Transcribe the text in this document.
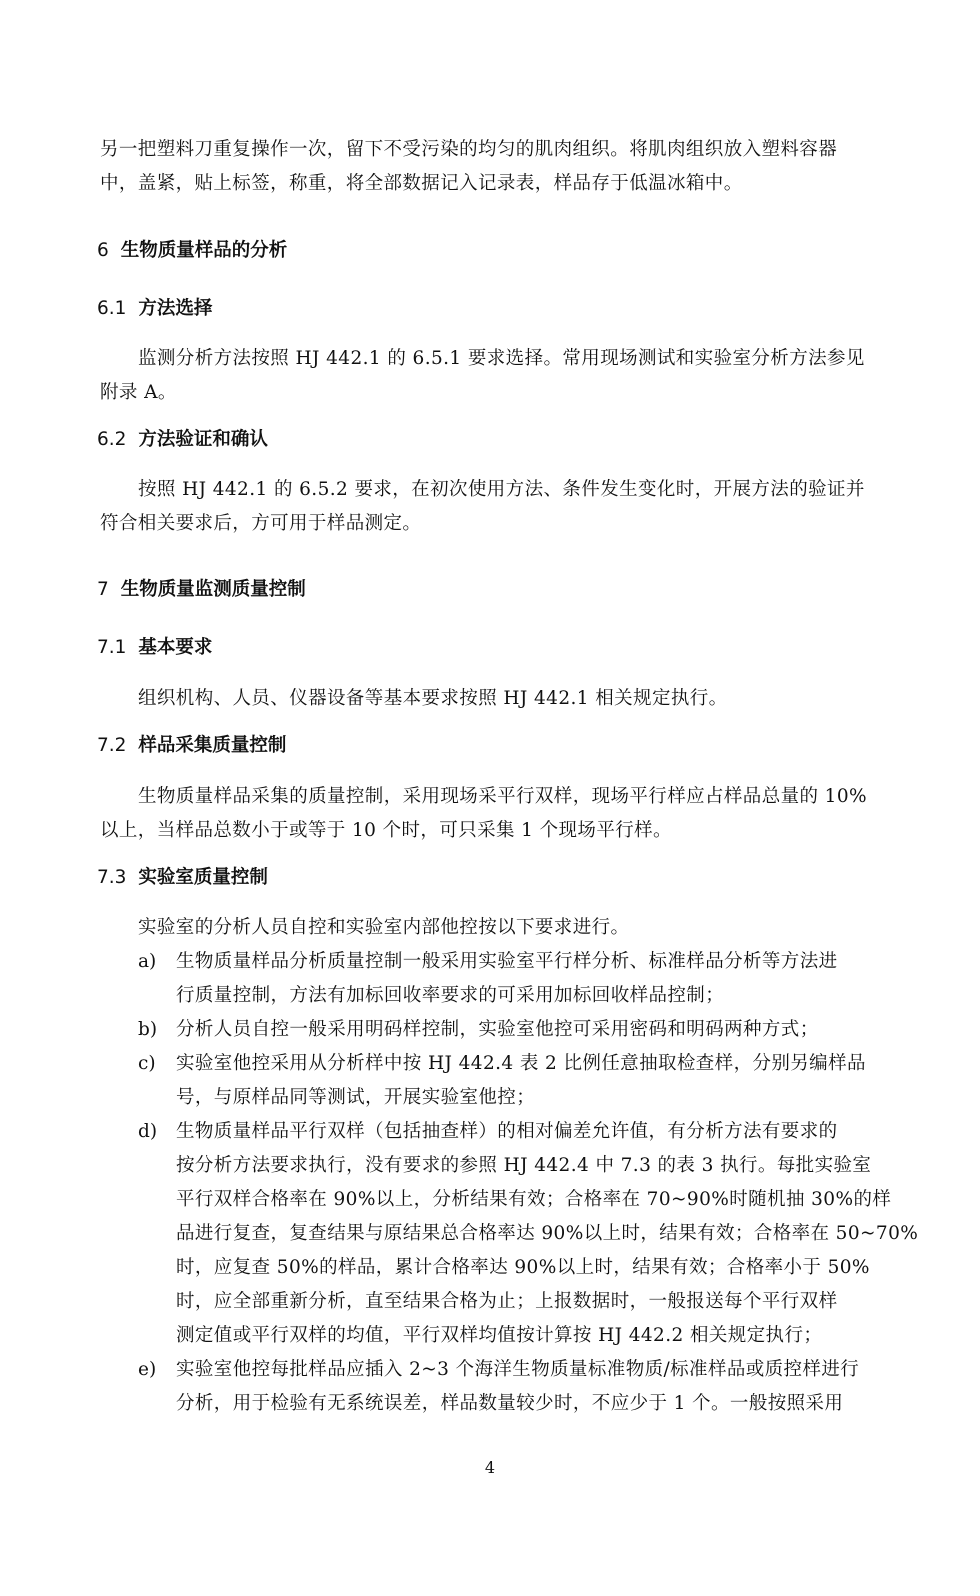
另一把塑料刀重复操作一次，留下不受污染的均匀的肌肉组织。将肌肉组织放入塑料容器
中，盖紧，贴上标签，称重，将全部数据记入记录表，样品存于低温冰箱中。
6 生物质量样品的分析
6.1 方法选择
监测分析方法按照 HJ 442.1 的 6.5.1 要求选择。常用现场测试和实验室分析方法参见
附录 A。
6.2 方法验证和确认
按照 HJ 442.1 的 6.5.2 要求，在初次使用方法、条件发生变化时，开展方法的验证并
符合相关要求后，方可用于样品测定。
7 生物质量监测质量控制
7.1 基本要求
组织机构、人员、仪器设备等基本要求按照 HJ 442.1 相关规定执行。
7.2 样品采集质量控制
生物质量样品采集的质量控制，采用现场采平行双样，现场平行样应占样品总量的 10%
以上，当样品总数小于或等于 10 个时，可只采集 1 个现场平行样。
7.3 实验室质量控制
实验室的分析人员自控和实验室内部他控按以下要求进行。
a) 生物质量样品分析质量控制一般采用实验室平行样分析、标准样品分析等方法进
行质量控制，方法有加标回收率要求的可采用加标回收样品控制；
b) 分析人员自控一般采用明码样控制，实验室他控可采用密码和明码两种方式；
c) 实验室他控采用从分析样中按 HJ 442.4 表 2 比例任意抽取检查样，分别另编样品
号，与原样品同等测试，开展实验室他控；
d) 生物质量样品平行双样（包括抽查样）的相对偏差允许值，有分析方法有要求的
按分析方法要求执行，没有要求的参照 HJ 442.4 中 7.3 的表 3 执行。每批实验室
平行双样合格率在 90%以上，分析结果有效；合格率在 70~90%时随机抽 30%的样
品进行复查，复查结果与原结果总合格率达 90%以上时，结果有效；合格率在 50~70%
时，应复查 50%的样品，累计合格率达 90%以上时，结果有效；合格率小于 50%
时，应全部重新分析，直至结果合格为止；上报数据时，一般报送每个平行双样
测定值或平行双样的均值，平行双样均值按计算按 HJ 442.2 相关规定执行；
e) 实验室他控每批样品应插入 2~3 个海洋生物质量标准物质/标准样品或质控样进行
分析，用于检验有无系统误差，样品数量较少时，不应少于 1 个。一般按照采用
4
